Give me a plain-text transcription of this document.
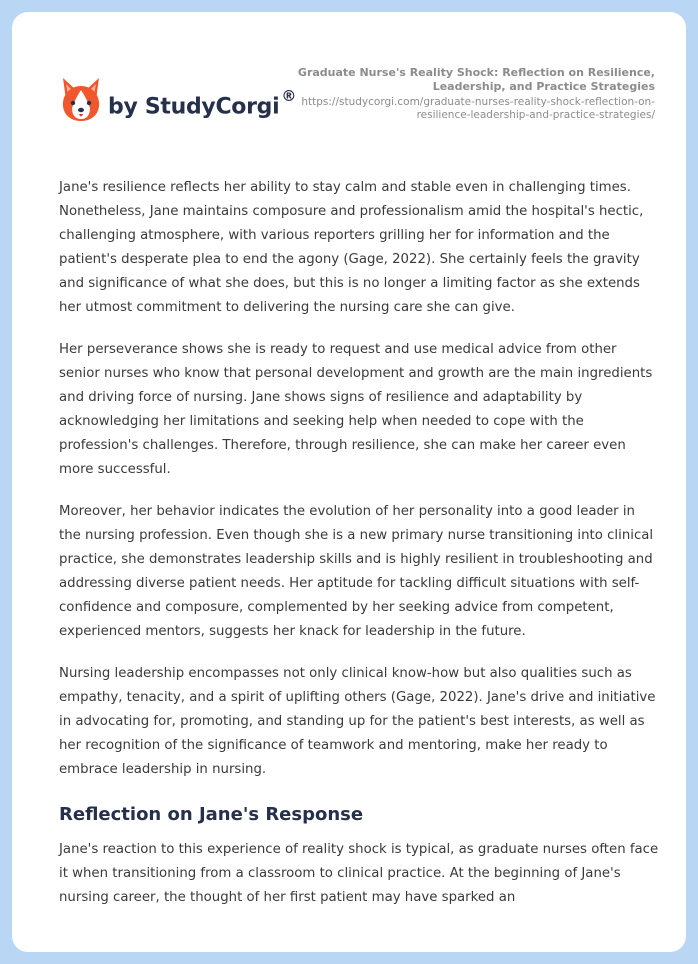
by StudyCorgi ®
Graduate Nurse's Reality Shock: Reflection on Resilience, Leadership, and Practice Strategies
https://studycorgi.com/graduate-nurses-reality-shock-reflection-on-resilience-leadership-and-practice-strategies/

Jane's resilience reflects her ability to stay calm and stable even in challenging times. Nonetheless, Jane maintains composure and professionalism amid the hospital's hectic, challenging atmosphere, with various reporters grilling her for information and the patient's desperate plea to end the agony (Gage, 2022). She certainly feels the gravity and significance of what she does, but this is no longer a limiting factor as she extends her utmost commitment to delivering the nursing care she can give.

Her perseverance shows she is ready to request and use medical advice from other senior nurses who know that personal development and growth are the main ingredients and driving force of nursing. Jane shows signs of resilience and adaptability by acknowledging her limitations and seeking help when needed to cope with the profession's challenges. Therefore, through resilience, she can make her career even more successful.

Moreover, her behavior indicates the evolution of her personality into a good leader in the nursing profession. Even though she is a new primary nurse transitioning into clinical practice, she demonstrates leadership skills and is highly resilient in troubleshooting and addressing diverse patient needs. Her aptitude for tackling difficult situations with self-confidence and composure, complemented by her seeking advice from competent, experienced mentors, suggests her knack for leadership in the future.

Nursing leadership encompasses not only clinical know-how but also qualities such as empathy, tenacity, and a spirit of uplifting others (Gage, 2022). Jane's drive and initiative in advocating for, promoting, and standing up for the patient's best interests, as well as her recognition of the significance of teamwork and mentoring, make her ready to embrace leadership in nursing.

Reflection on Jane's Response

Jane's reaction to this experience of reality shock is typical, as graduate nurses often face it when transitioning from a classroom to clinical practice. At the beginning of Jane's nursing career, the thought of her first patient may have sparked an
